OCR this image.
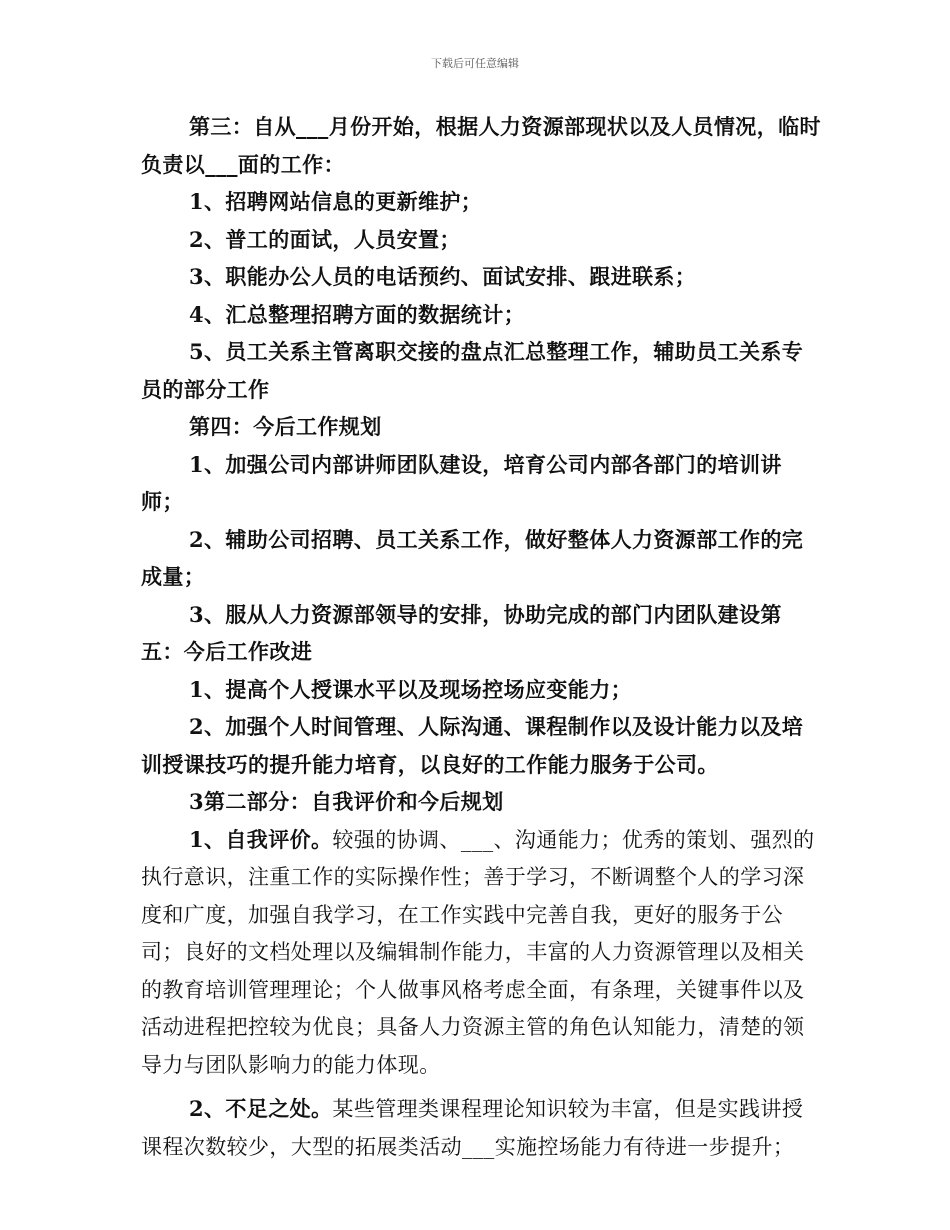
下载后可任意编辑

第三：自从___月份开始，根据人力资源部现状以及人员情况，临时负责以___面的工作：

1、招聘网站信息的更新维护；

2、普工的面试，人员安置；

3、职能办公人员的电话预约、面试安排、跟进联系；

4、汇总整理招聘方面的数据统计；

5、员工关系主管离职交接的盘点汇总整理工作，辅助员工关系专员的部分工作

第四：今后工作规划

1、加强公司内部讲师团队建设，培育公司内部各部门的培训讲师；

2、辅助公司招聘、员工关系工作，做好整体人力资源部工作的完成量；

3、服从人力资源部领导的安排，协助完成的部门内团队建设第五：今后工作改进

1、提高个人授课水平以及现场控场应变能力；

2、加强个人时间管理、人际沟通、课程制作以及设计能力以及培训授课技巧的提升能力培育，以良好的工作能力服务于公司。

3第二部分：自我评价和今后规划

1、自我评价。较强的协调、___、沟通能力；优秀的策划、强烈的执行意识，注重工作的实际操作性；善于学习，不断调整个人的学习深度和广度，加强自我学习，在工作实践中完善自我，更好的服务于公司；良好的文档处理以及编辑制作能力，丰富的人力资源管理以及相关的教育培训管理理论；个人做事风格考虑全面，有条理，关键事件以及活动进程把控较为优良；具备人力资源主管的角色认知能力，清楚的领导力与团队影响力的能力体现。

2、不足之处。某些管理类课程理论知识较为丰富，但是实践讲授课程次数较少，大型的拓展类活动___实施控场能力有待进一步提升；
